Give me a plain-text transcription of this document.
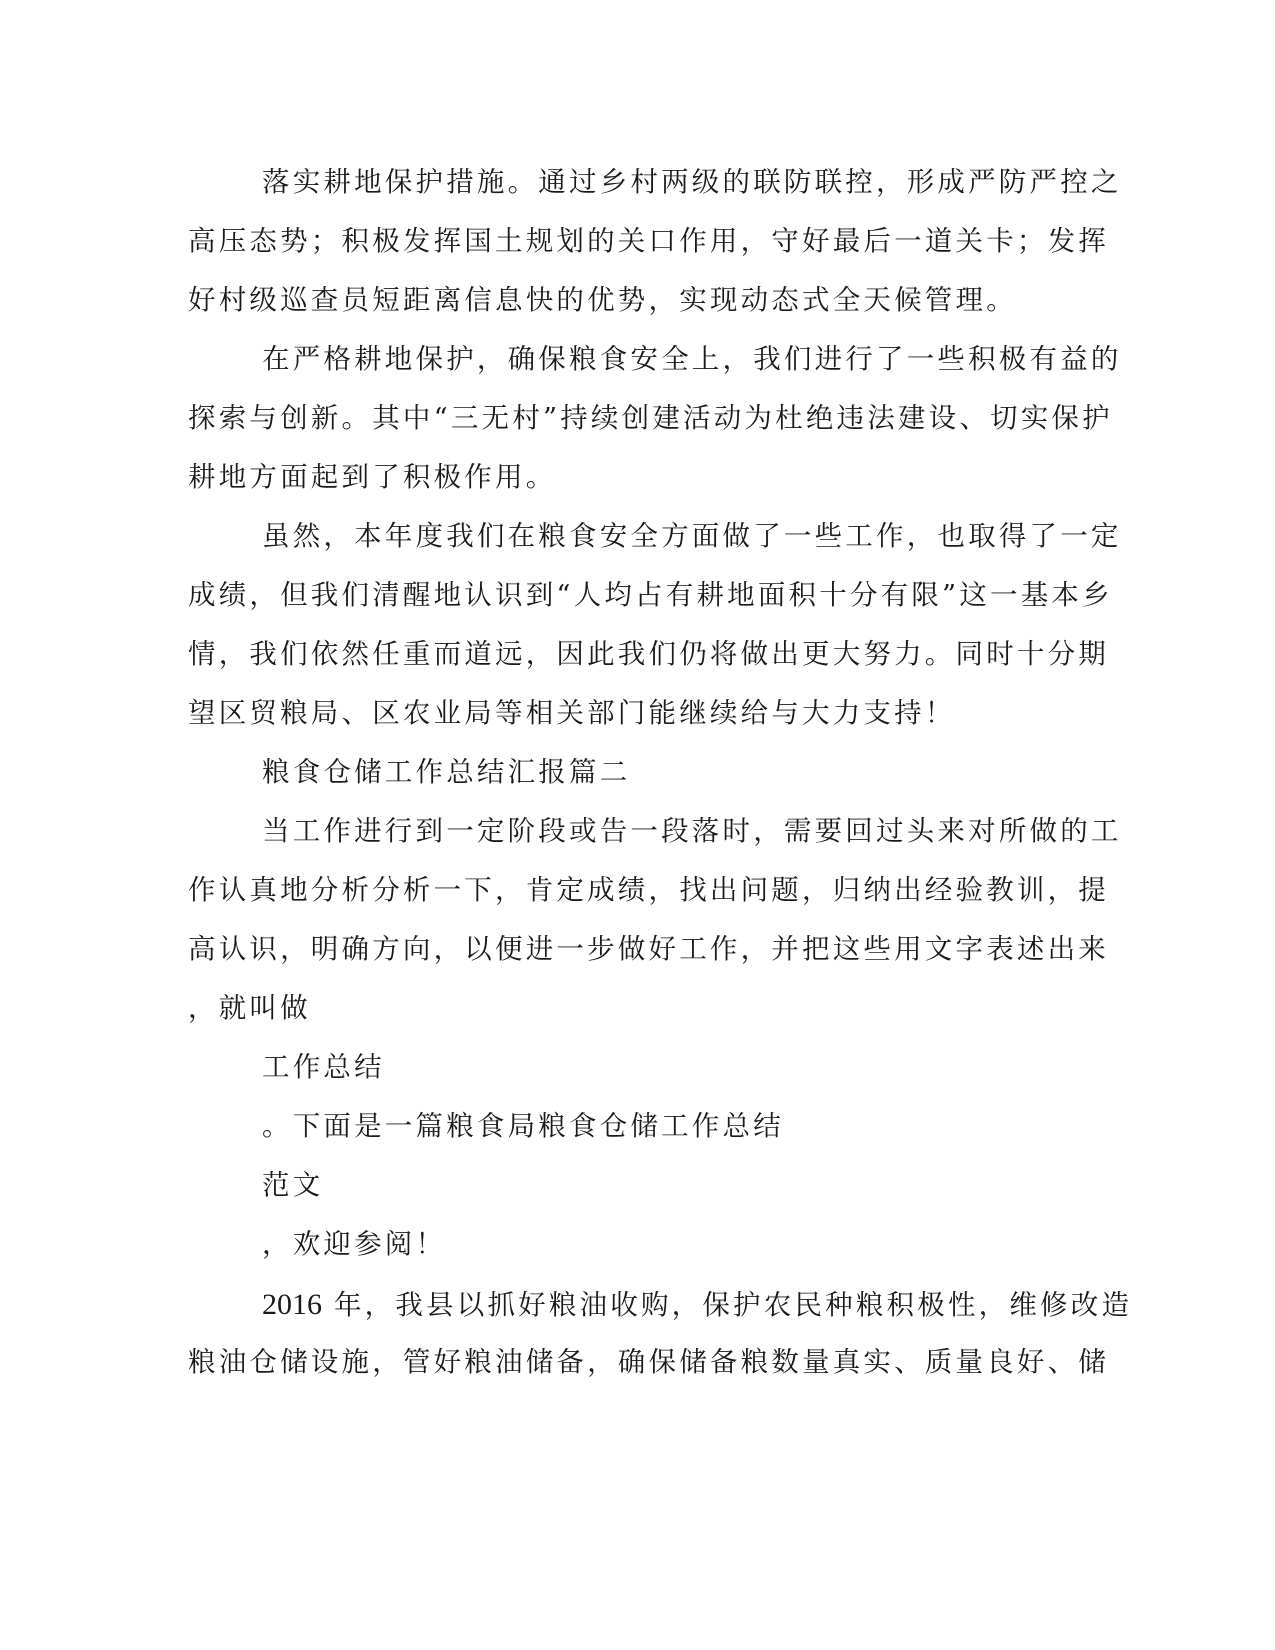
落实耕地保护措施。通过乡村两级的联防联控，形成严防严控之

高压态势；积极发挥国土规划的关口作用，守好最后一道关卡；发挥

好村级巡查员短距离信息快的优势，实现动态式全天候管理。

在严格耕地保护，确保粮食安全上，我们进行了一些积极有益的

探索与创新。其中“三无村”持续创建活动为杜绝违法建设、切实保护

耕地方面起到了积极作用。

虽然，本年度我们在粮食安全方面做了一些工作，也取得了一定

成绩，但我们清醒地认识到“人均占有耕地面积十分有限”这一基本乡

情，我们依然任重而道远，因此我们仍将做出更大努力。同时十分期

望区贸粮局、区农业局等相关部门能继续给与大力支持！

粮食仓储工作总结汇报篇二

当工作进行到一定阶段或告一段落时，需要回过头来对所做的工

作认真地分析分析一下，肯定成绩，找出问题，归纳出经验教训，提

高认识，明确方向，以便进一步做好工作，并把这些用文字表述出来

，就叫做

工作总结

。下面是一篇粮食局粮食仓储工作总结

范文

，欢迎参阅！

2016 年，我县以抓好粮油收购，保护农民种粮积极性，维修改造

粮油仓储设施，管好粮油储备，确保储备粮数量真实、质量良好、储
